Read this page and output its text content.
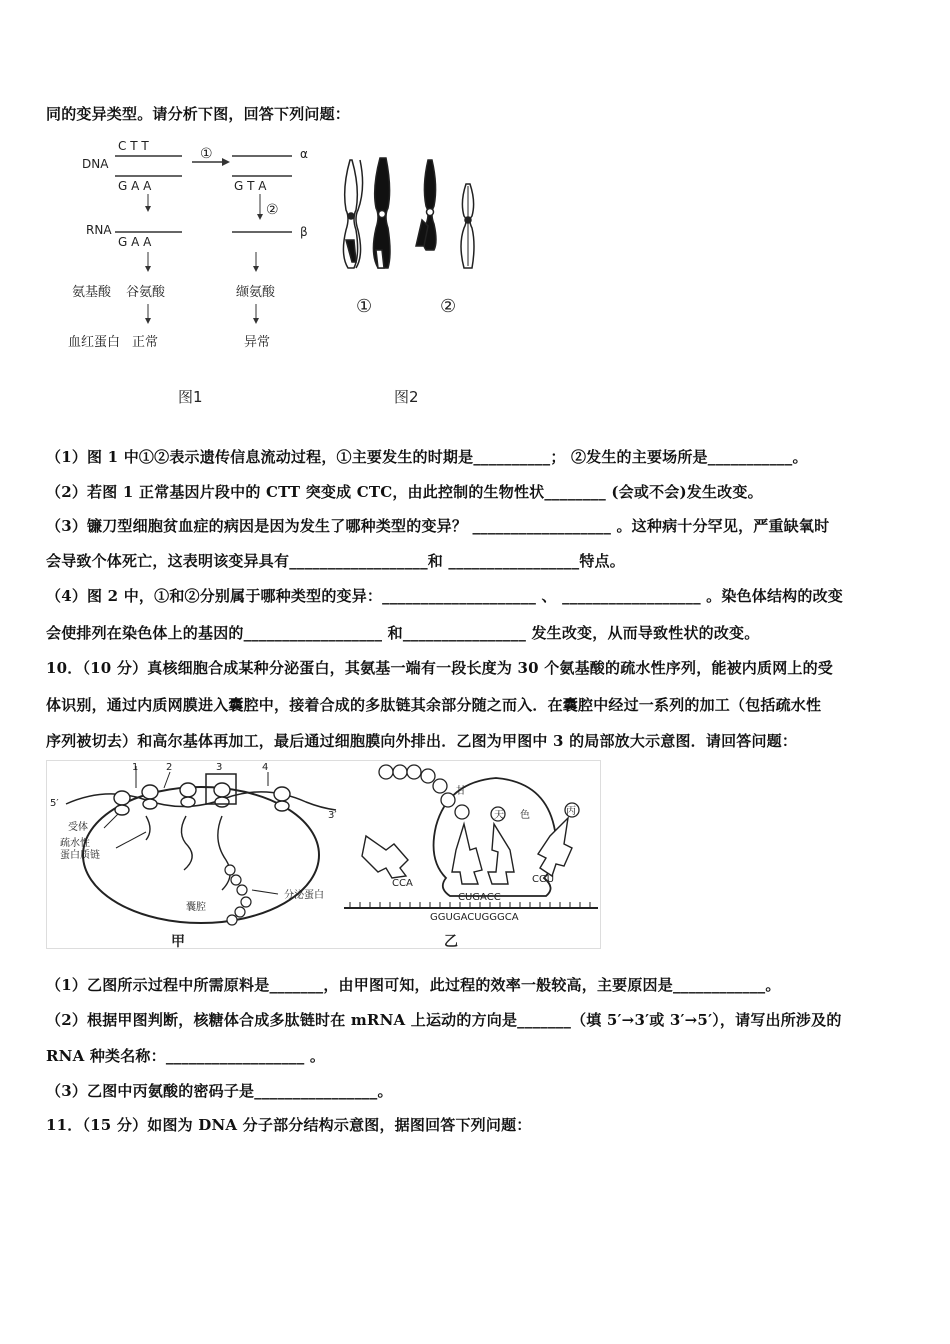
同的变异类型。请分析下图，回答下列问题：
DNA
C T T
G A A
①	α
G T A
②
RNA
G A A
β
氨基酸 谷氨酸	缬氨酸
血红蛋白 正常	异常
图1
①	②
图2
（1）图 1 中①②表示遗传信息流动过程，①主要发生的时期是__________； ②发生的主要场所是___________。
（2）若图 1 正常基因片段中的 CTT 突变成 CTC，由此控制的生物性状________ (会或不会)发生改变。
（3）镰刀型细胞贫血症的病因是因为发生了哪种类型的变异？ __________________ 。这种病十分罕见，严重缺氧时
会导致个体死亡，这表明该变异具有__________________和 _________________特点。
（4）图 2 中，①和②分别属于哪种类型的变异：____________________ 、 __________________ 。染色体结构的改变
会使排列在染色体上的基因的__________________ 和________________ 发生改变，从而导致性状的改变。
10．（10 分）真核细胞合成某种分泌蛋白，其氨基一端有一段长度为 30 个氨基酸的疏水性序列，能被内质网上的受
体识别，通过内质网膜进入囊腔中，接着合成的多肽链其余部分随之而入．在囊腔中经过一系列的加工（包括疏水性
序列被切去）和高尔基体再加工，最后通过细胞膜向外排出．乙图为甲图中 3 的局部放大示意图．请回答问题：
5′
3′
1	2	3	4
受体
疏水性
蛋白质链
囊腔
分泌蛋白
甲
甘
天 色	丙
CCA
CUGACC
CGU
GGUGACUGGGCA
乙
（1）乙图所示过程中所需原料是_______，由甲图可知，此过程的效率一般较高，主要原因是____________。
（2）根据甲图判断，核糖体合成多肽链时在 mRNA 上运动的方向是_______（填 5′→3′或 3′→5′），请写出所涉及的
RNA 种类名称：__________________ 。
（3）乙图中丙氨酸的密码子是________________。
11．（15 分）如图为 DNA 分子部分结构示意图，据图回答下列问题：
